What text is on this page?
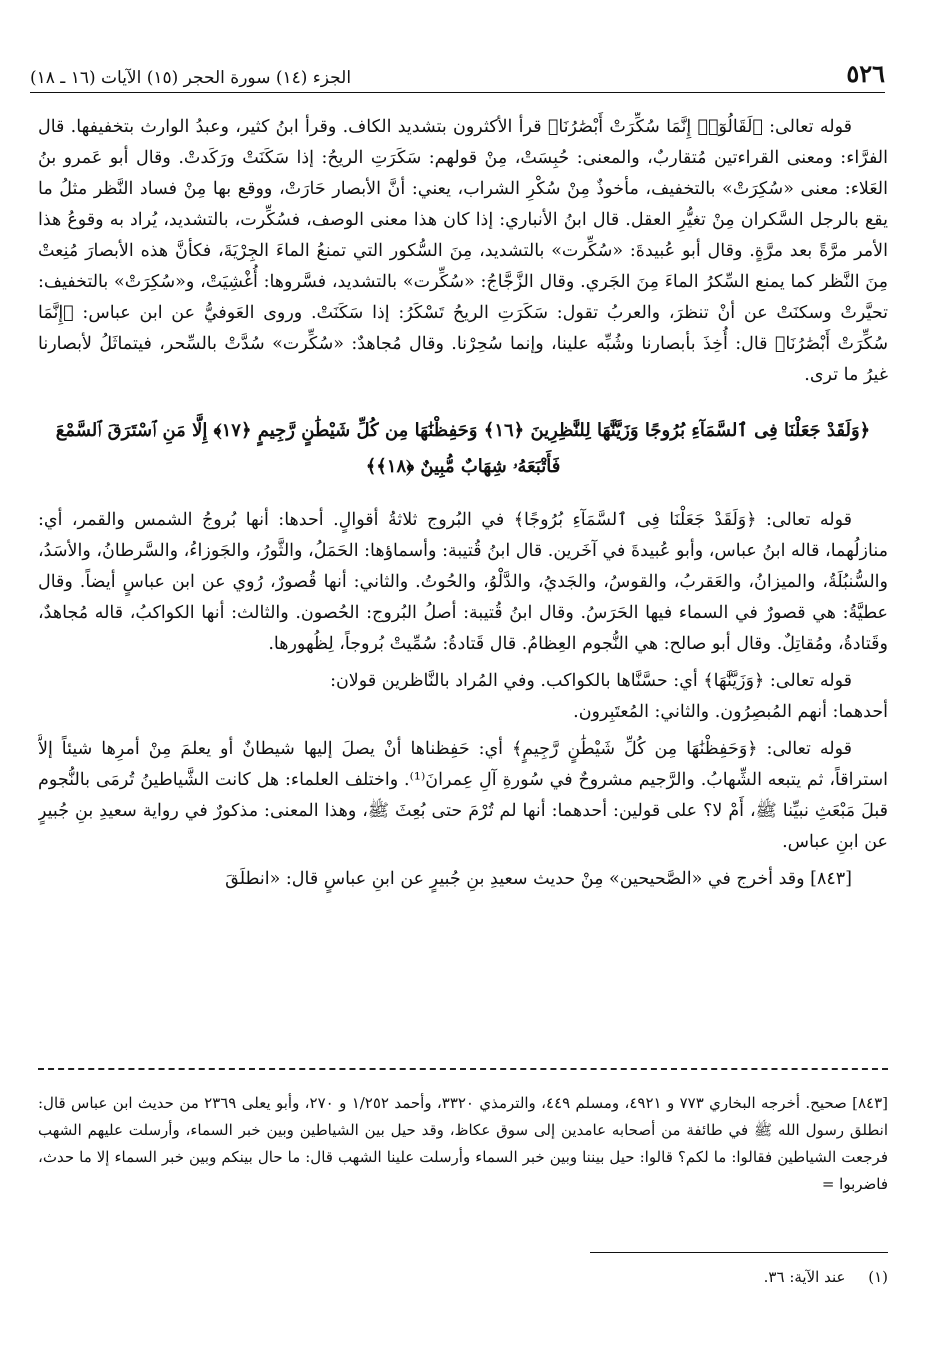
٥٢٦
الجزء (١٤) سورة الحجر (١٥) الآيات (١٦ ـ ١٨)

قوله تعالى: ﴿لَقَالُوٓا۟ إِنَّمَا سُكِّرَتْ أَبْصَٰرُنَا﴾ قرأ الأكثرون بتشديد الكاف. وقرأ ابنُ كثير، وعبدُ الوارث بتخفيفها. قال الفرَّاء: ومعنى القراءتين مُتقاربٌ، والمعنى: حُبِسَتْ، مِنْ قولهم: سَكَرَتِ الريحُ: إذا سَكَنَتْ ورَكَدتْ. وقال أبو عَمرو بنُ العَلاء: معنى «سُكِرَتْ» بالتخفيف، مأخوذٌ مِنْ سُكْرِ الشراب، يعني: أنَّ الأبصار حَارَتْ، ووقع بها مِنْ فساد النَّظر مثلُ ما يقع بالرجل السَّكران مِنْ تغيُّرِ العقل. قال ابنُ الأنباري: إذا كان هذا معنى الوصف، فسُكِّرت، بالتشديد، يُراد به وقوعُ هذا الأمر مرَّةً بعد مرَّةٍ. وقال أبو عُبيدةَ: «سُكِّرت» بالتشديد، مِنَ السُّكور التي تمنعُ الماءَ الجِرْيَةَ، فكأنَّ هذه الأبصارَ مُنِعتْ مِنَ النَّظر كما يمنع السِّكرُ الماءَ مِنَ الجَري. وقال الزَّجَّاجُ: «سُكِّرت» بالتشديد، فسَّروها: أُغْشِيَتْ، و«سُكِرَتْ» بالتخفيف: تحيَّرتْ وسكنَتْ عن أنْ تنظرَ، والعربُ تقول: سَكَرَتِ الريحُ تَسْكَرُ: إذا سَكَنَتْ. وروى العَوفيُّ عن ابن عباس: ﴿إِنَّمَا سُكِّرَتْ أَبْصَٰرُنَا﴾ قال: أُخِذَ بأبصارنا وشُبِّه علينا، وإنما سُحِرْنا. وقال مُجاهدٌ: «سُكِّرت» سُدَّتْ بالسِّحر، فيتماثَلُ لأبصارنا غيرُ ما ترى.

﴿وَلَقَدْ جَعَلْنَا فِى ٱلسَّمَآءِ بُرُوجًا وَزَيَّنَّٰهَا لِلنَّٰظِرِينَ ﴿١٦﴾ وَحَفِظْنَٰهَا مِن كُلِّ شَيْطَٰنٍ رَّجِيمٍ ﴿١٧﴾ إِلَّا مَنِ ٱسْتَرَقَ ٱلسَّمْعَ فَأَتْبَعَهُۥ شِهَابٌ مُّبِينٌ ﴿١٨﴾﴾

قوله تعالى: ﴿وَلَقَدْ جَعَلْنَا فِى ٱلسَّمَآءِ بُرُوجًا﴾ في البُروج ثلاثةُ أقوالٍ. أحدها: أنها بُروجُ الشمس والقمر، أي: منازلُهما، قاله ابنُ عباس، وأبو عُبيدةَ في آخَرين. قال ابنُ قُتيبة: وأسماؤها: الحَمَلُ، والثَّورُ، والجَوزاءُ، والسَّرطانُ، والأسَدُ، والسُّنبُلَةُ، والميزانُ، والعَقربُ، والقوسُ، والجَديُ، والدَّلْوُ، والحُوتُ. والثاني: أنها قُصورٌ، رُوي عن ابن عباسٍ أيضاً. وقال عطيَّةُ: هي قصورٌ في السماء فيها الحَرَسُ. وقال ابنُ قُتيبة: أصلُ البُروج: الحُصون. والثالث: أنها الكواكبُ، قاله مُجاهدٌ، وقَتادةُ، ومُقاتِلٌ. وقال أبو صالح: هي النُّجوم العِظامُ. قال قَتادةُ: سُمِّيتْ بُروجاً، لِظُهورها.

قوله تعالى: ﴿وَزَيَّنَّٰهَا﴾ أي: حسَّنَّاها بالكواكب. وفي المُراد بالنَّاظرين قولان:

أحدهما: أنهم المُبصِرُون. والثاني: المُعتَبِرون.

قوله تعالى: ﴿وَحَفِظْنَٰهَا مِن كُلِّ شَيْطَٰنٍ رَّجِيمٍ﴾ أي: حَفِظناها أنْ يصلَ إليها شيطانٌ أو يعلمَ مِنْ أمرِها شيئاً إلاَّ استراقاً، ثم يتبعه الشِّهابُ. والرَّجيم مشروحٌ في سُورةِ آلِ عِمرانَ⁽¹⁾. واختلف العلماء: هل كانت الشَّياطينُ تُرمَى بالنُّجوم قبلَ مَبْعَثِ نبيِّنا ﷺ، أَمْ لا؟ على قولين: أحدهما: أنها لم تُرْمَ حتى بُعِثَ ﷺ، وهذا المعنى: مذكورٌ في رواية سعيدِ بنِ جُبيرٍ عن ابنِ عباس.

[٨٤٣] وقد أخرج في «الصَّحيحين» مِنْ حديث سعيدِ بنِ جُبيرٍ عن ابنِ عباسٍ قال: «انطلَقَ

[٨٤٣] صحيح. أخرجه البخاري ٧٧٣ و ٤٩٢١، ومسلم ٤٤٩، والترمذي ٣٣٢٠، وأحمد ١/٢٥٢ و ٢٧٠، وأبو يعلى ٢٣٦٩ من حديث ابن عباس قال: انطلق رسول الله ﷺ في طائفة من أصحابه عامدين إلى سوق عكاظ، وقد حيل بين الشياطين وبين خبر السماء، وأرسلت عليهم الشهب فرجعت الشياطين فقالوا: ما لكم؟ قالوا: حيل بيننا وبين خبر السماء وأرسلت علينا الشهب قال: ما حال بينكم وبين خبر السماء إلا ما حدث، فاضربوا =

(١) عند الآية: ٣٦.
